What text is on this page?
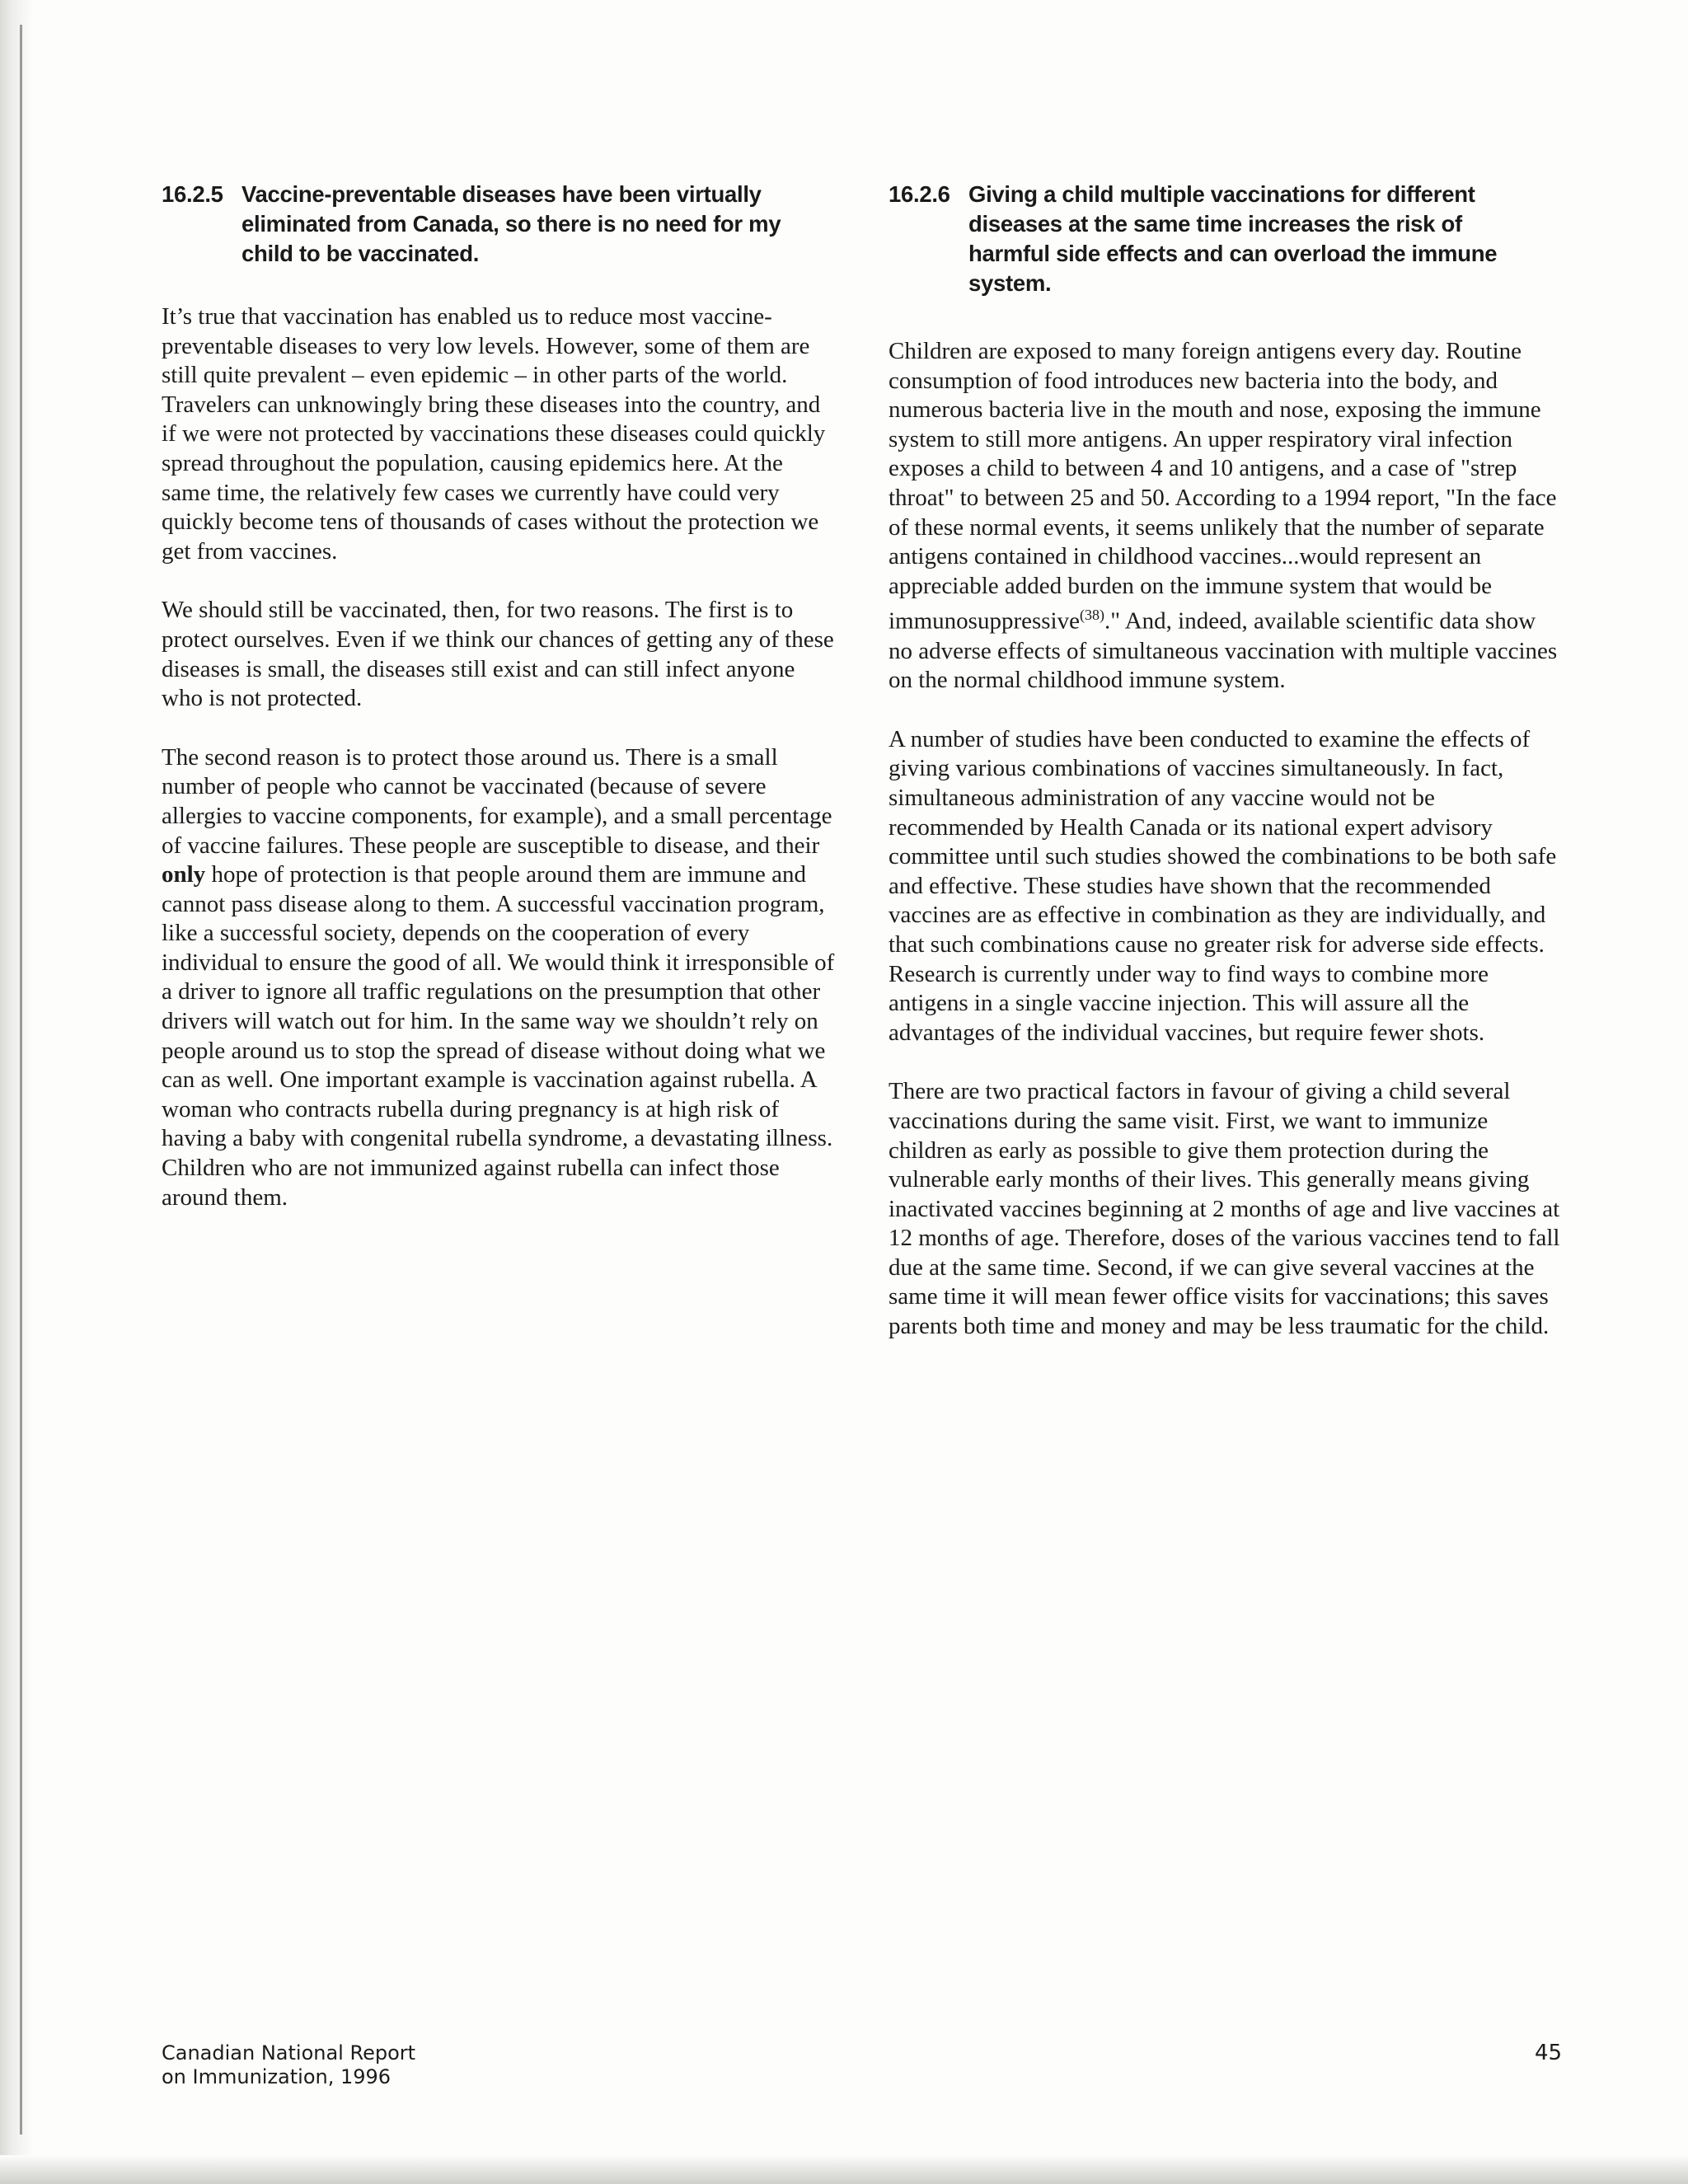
16.2.5 Vaccine-preventable diseases have been virtually eliminated from Canada, so there is no need for my child to be vaccinated.

It’s true that vaccination has enabled us to reduce most vaccine-preventable diseases to very low levels. However, some of them are still quite prevalent – even epidemic – in other parts of the world. Travelers can unknowingly bring these diseases into the country, and if we were not protected by vaccinations these diseases could quickly spread throughout the population, causing epidemics here. At the same time, the relatively few cases we currently have could very quickly become tens of thousands of cases without the protection we get from vaccines.

We should still be vaccinated, then, for two reasons. The first is to protect ourselves. Even if we think our chances of getting any of these diseases is small, the diseases still exist and can still infect anyone who is not protected.

The second reason is to protect those around us. There is a small number of people who cannot be vaccinated (because of severe allergies to vaccine components, for example), and a small percentage of vaccine failures. These people are susceptible to disease, and their only hope of protection is that people around them are immune and cannot pass disease along to them. A successful vaccination program, like a successful society, depends on the cooperation of every individual to ensure the good of all. We would think it irresponsible of a driver to ignore all traffic regulations on the presumption that other drivers will watch out for him. In the same way we shouldn’t rely on people around us to stop the spread of disease without doing what we can as well. One important example is vaccination against rubella. A woman who contracts rubella during pregnancy is at high risk of having a baby with congenital rubella syndrome, a devastating illness. Children who are not immunized against rubella can infect those around them.

16.2.6 Giving a child multiple vaccinations for different diseases at the same time increases the risk of harmful side effects and can overload the immune system.

Children are exposed to many foreign antigens every day. Routine consumption of food introduces new bacteria into the body, and numerous bacteria live in the mouth and nose, exposing the immune system to still more antigens. An upper respiratory viral infection exposes a child to between 4 and 10 antigens, and a case of "strep throat" to between 25 and 50. According to a 1994 report, "In the face of these normal events, it seems unlikely that the number of separate antigens contained in childhood vaccines...would represent an appreciable added burden on the immune system that would be immunosuppressive$^{(38)}$." And, indeed, available scientific data show no adverse effects of simultaneous vaccination with multiple vaccines on the normal childhood immune system.

A number of studies have been conducted to examine the effects of giving various combinations of vaccines simultaneously. In fact, simultaneous administration of any vaccine would not be recommended by Health Canada or its national expert advisory committee until such studies showed the combinations to be both safe and effective. These studies have shown that the recommended vaccines are as effective in combination as they are individually, and that such combinations cause no greater risk for adverse side effects. Research is currently under way to find ways to combine more antigens in a single vaccine injection. This will assure all the advantages of the individual vaccines, but require fewer shots.

There are two practical factors in favour of giving a child several vaccinations during the same visit. First, we want to immunize children as early as possible to give them protection during the vulnerable early months of their lives. This generally means giving inactivated vaccines beginning at 2 months of age and live vaccines at 12 months of age. Therefore, doses of the various vaccines tend to fall due at the same time. Second, if we can give several vaccines at the same time it will mean fewer office visits for vaccinations; this saves parents both time and money and may be less traumatic for the child.

Canadian National Report
on Immunization, 1996
45
